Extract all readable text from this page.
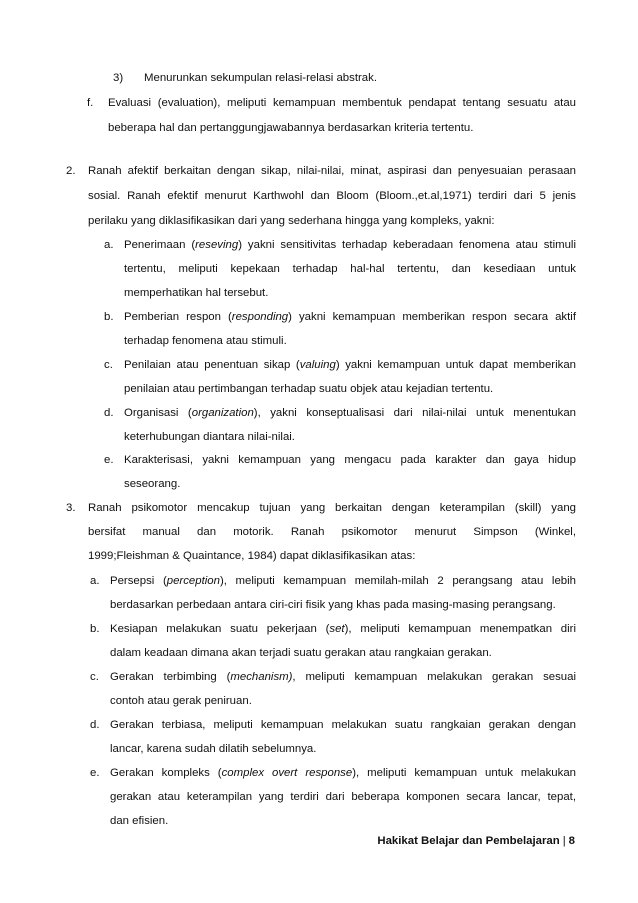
3) Menurunkan sekumpulan relasi-relasi abstrak.
f. Evaluasi (evaluation), meliputi kemampuan membentuk pendapat tentang sesuatu atau
beberapa hal dan pertanggungjawabannya berdasarkan kriteria tertentu.
2. Ranah afektif berkaitan dengan sikap, nilai-nilai, minat, aspirasi dan penyesuaian perasaan
sosial. Ranah efektif menurut Karthwohl dan Bloom (Bloom.,et.al,1971) terdiri dari 5 jenis
perilaku yang diklasifikasikan dari yang sederhana hingga yang kompleks, yakni:
a. Penerimaan (reseving) yakni sensitivitas terhadap keberadaan fenomena atau stimuli
tertentu, meliputi kepekaan terhadap hal-hal tertentu, dan kesediaan untuk
memperhatikan hal tersebut.
b. Pemberian respon (responding) yakni kemampuan memberikan respon secara aktif
terhadap fenomena atau stimuli.
c. Penilaian atau penentuan sikap (valuing) yakni kemampuan untuk dapat memberikan
penilaian atau pertimbangan terhadap suatu objek atau kejadian tertentu.
d. Organisasi (organization), yakni konseptualisasi dari nilai-nilai untuk menentukan
keterhubungan diantara nilai-nilai.
e. Karakterisasi, yakni kemampuan yang mengacu pada karakter dan gaya hidup
seseorang.
3. Ranah psikomotor mencakup tujuan yang berkaitan dengan keterampilan (skill) yang
bersifat manual dan motorik. Ranah psikomotor menurut Simpson (Winkel,
1999;Fleishman & Quaintance, 1984) dapat diklasifikasikan atas:
a. Persepsi (perception), meliputi kemampuan memilah-milah 2 perangsang atau lebih
berdasarkan perbedaan antara ciri-ciri fisik yang khas pada masing-masing perangsang.
b. Kesiapan melakukan suatu pekerjaan (set), meliputi kemampuan menempatkan diri
dalam keadaan dimana akan terjadi suatu gerakan atau rangkaian gerakan.
c. Gerakan terbimbing (mechanism), meliputi kemampuan melakukan gerakan sesuai
contoh atau gerak peniruan.
d. Gerakan terbiasa, meliputi kemampuan melakukan suatu rangkaian gerakan dengan
lancar, karena sudah dilatih sebelumnya.
e. Gerakan kompleks (complex overt response), meliputi kemampuan untuk melakukan
gerakan atau keterampilan yang terdiri dari beberapa komponen secara lancar, tepat,
dan efisien.
Hakikat Belajar dan Pembelajaran | 8
